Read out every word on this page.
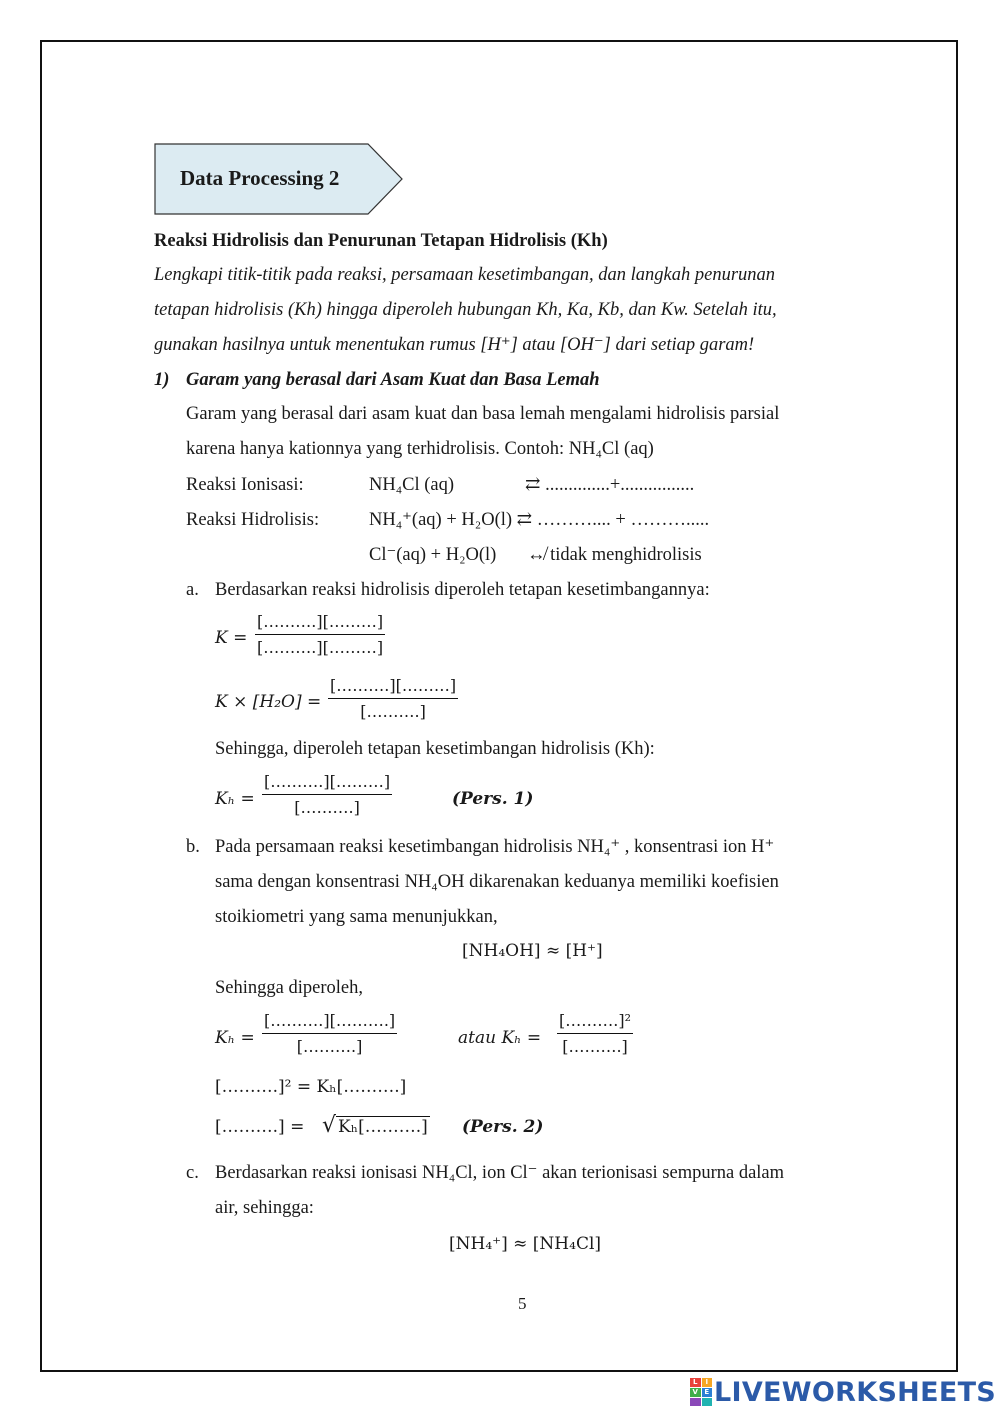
Data Processing 2
Reaksi Hidrolisis dan Penurunan Tetapan Hidrolisis (Kh)
Lengkapi titik-titik pada reaksi, persamaan kesetimbangan, dan langkah penurunan
tetapan hidrolisis (Kh) hingga diperoleh hubungan Kh, Ka, Kb, dan Kw. Setelah itu,
gunakan hasilnya untuk menentukan rumus [H⁺] atau [OH⁻] dari setiap garam!
1) Garam yang berasal dari Asam Kuat dan Basa Lemah
Garam yang berasal dari asam kuat dan basa lemah mengalami hidrolisis parsial
karena hanya kationnya yang terhidrolisis. Contoh: NH₄Cl (aq)
Reaksi Ionisasi:	NH₄Cl (aq)	⇄ ..............+................
Reaksi Hidrolisis:	NH₄⁺(aq) + H₂O(l) ⇄ ……….... + ……….....
Cl⁻(aq) + H₂O(l) ↮ tidak menghidrolisis
a. Berdasarkan reaksi hidrolisis diperoleh tetapan kesetimbangannya:
K =
[……….][………]
[……….][………]
K × [H₂O] =
[……….][………]
[……….]
Sehingga, diperoleh tetapan kesetimbangan hidrolisis (Kh):
Kₕ =
[……….][………]
[……….]	(Pers. 1)
b. Pada persamaan reaksi kesetimbangan hidrolisis NH₄⁺ , konsentrasi ion H⁺
sama dengan konsentrasi NH₄OH dikarenakan keduanya memiliki koefisien
stoikiometri yang sama menunjukkan,
[NH₄OH] ≈ [H⁺]
Sehingga diperoleh,
Kₕ =
[……….][……….]
[……….]	atau Kₕ =
[……….]²
[……….]
[……….]² = Kₕ[……….]
[……….] = √ Kₕ[……….] (Pers. 2)
c. Berdasarkan reaksi ionisasi NH₄Cl, ion Cl⁻ akan terionisasi sempurna dalam
air, sehingga:
[NH₄⁺] ≈ [NH₄Cl]
5
L	I
V E LIVEWORKSHEETS
